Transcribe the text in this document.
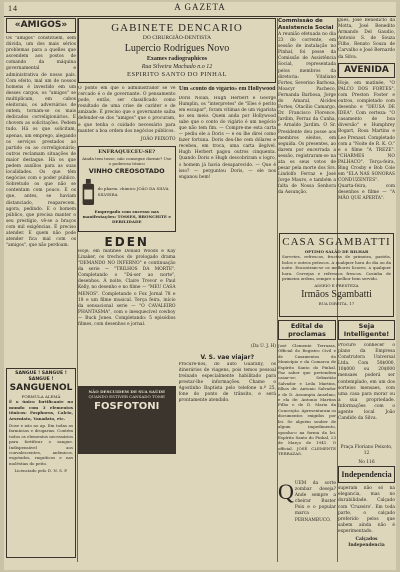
14	A GAZETA
«AMIGOS»

Os "amigos" constituem, sem dúvida, um dos mais sérios problemas para a quelles que ascendem aos postos de comando da máquina governamental e administrativa de nosso país. Com efeito, mal um de nossos homens é investido em um desses cargos, os "amigos" se multiplicam, em cabos eleitorais, os adversários de ontem, tornam-se os mais dedicados correligionários. E chovem as solicitações. Pedem tudo. Há os que solicitam, apenas, um emprego, alegando os serviços prestados ao partido ou ao correligionário; outros reclamam situações de maior destaque. Há os que pedem auxílios para as suas localidades. Os que têm negócios com o poder público. Sobretudo os que não se contentam com pouco. E os que, antes, se haviam distanciado, reaparecem, agora, pedindo. E o homem público, que precisa manter o seu prestígio, vê-se a braços com mil exigências. É preciso atender. E quem não pode atender fica mal com os "amigos", que não perdoam.

SANGUE ! SANGUE ! SANGUE !
SANGUENOL
FORMULA ALEMÃ

É o único fortificante no mundo com 3 elementos tônicos: Fosphoros, Calcio, Arseniato, Vanadato, etc.

Dose e não no ap. Em todas as farmácias e drogarias. Contém todos os elementos necessários para fortificar o sangue. Indispensável aos convalescentes, anêmicos, esgotados, raquíticos e nas moléstias do peito.

Licenciado pelo D. N. S. P.
GABINETE DENCARIO
DO CIRURGIÃO-DENTISTA
Lupercio Rodrigues Novo
Exames radiographicos
Rua Silveira Machado n.o 12
ESPIRITO SANTO DO PINHAL

O ponto em que o administrador se vê cercado é o de governante. O pensamento pode, então, ser classificado como resultado de uma crise de caráter e de amizade. É preciso que o governante saiba defender-se dos "amigos" que o procuram, e que tenha o cuidado necessário para manter a boa ordem dos negócios públicos.

JOÃO PEIXOTO
ENFRAQUECEU-SE?
Ainda tem tosse, não consegue dormir? Use o poderoso tónico
VINHO CREOSOTADO
do pharm. chimico JOÃO DA SILVA SILVEIRA
Empregado com sucesso nas manifestações: TOSSES, BRONCHITE e DEBILIDADE
EDEN

Hoje, em matinée Donald Woods e Kay Linaker, os trechos do prologado drama "DEMANDO NO INFERNO" e continuação da serie — "TRILHOS DA MORTE". Completando o "Dá-ser ao norte", desenhos. À noite, Claire Trevor e Paul Kelly, no desenho e no filme — "MEU CASA MENOS". Completando o Fox Jornal 78 e 18 e um filme musical. Terça feira, início da sensacional serie — "O CAVALEIRO PHANTASMA", com o inesquecível cowboy — Buck Jones. Completando: 5 episódios filmes, com desenhos e jornal.

NÃO DESCUIDEM DE SUA SAÚDE
QUANDO ESTIVER CANSADO TOME
FOSFOTONI
Um «conto do vigário» em Hollywood

Doris Nolan, Hugh Herbert e George Humplin, os "interpretes" de "Eles é perito em escapar", foram vítimas de um vigarista no seu meio. Quem anda por Hollywood sabe que o conto do vigário é um negócio que não tem fim. — Compre-me esta carta — pediu ele a Doris — e eu lhe direi como fazer fortuna. Doris deu-lhe cem dólares e recebeu, em troca, uma carta ilegível. Hugh Herbert pagou outros cinquenta. Quando Doris e Hugh descobriram o logro, o homem já havia desaparecido. — Que é isso? — perguntou Doris, — ele nos enganou bem!

(Da U. J. H)
V. S. vae viajar?

Procure-nos, do auto Guarany, os itinerários de viagens, pois temos pessoal treinado especialmente habilitado para prestar-lhe informações. Chame o Agostinho Baptista pelo telefone n.º 25, fone do ponto de trânsito, e será prontamente atendido.

Commissão de Assistencia Social

A reunião efetuada no dia 23 do corrente, em sessão de instalação no Pinhal, foi posse da Comissão de Assistência Social, representada pelos membros da diretoria: Vitaliano Fortes, Severino Barbosa, Moacyr Pacheco, Fernanda Barbosa, Jorge do Amaral, Alcides Fortes, Otacílio Camargo, Dr. Francisco Florence, Jardim, Ferraz da Cunha, e Arnaldo Jardim. O Sr. Presidente deu posse aos membros eleitos, em seguida. Os presentes, ao darem por encerrada a sessão, registraram-se na ata os seus votos de pesar pela morte dos Srs. Lindolfo Ferraz e José Jorge Mauro, e também a falta de Nossa Senhora da Assunção.

gues, José Benedicto da Motta, José Benedito Armando Del Gaudio, Antonio S. de Souza Filho, Renato Souza de Carvalho e José Bernardo da Silva.

AVENIDA

Hoje, em matinée, "O PALCO DOS FORTES", com Preston Foster e outros, completado com desenho e "DEUSA DE IDEA". Com certeza: "O casamento de boa diversão" e Humphrey Bogart, Rosa Martins e Leo Prenaut. Completado com a "Noite de R. K. O." e o filme "A TREZE". "CHARMES NO PALHACO". Terça-feira, Bing Crosby e Bob Cole em "ELA NAS SONORAS CONDUZENTES". Quarta-feira, com desenhos e filme — "A MÃO QUE APERTA".

CASA SGAMBATTI
OPTIMO SALÃO DE BILHAR

Sorvetes, refrescos, fructas de primeira, pastéis, bolos e outros petiscos. A qualquer hora do dia ou da noite. Encontram-se os melhores licores, a qualquer hora. Cervejas e refrescos frescos. Cosinha de primeira ordem, sempre o melhor bem servido.

ASSEIO E PRESTEZA
Irmãos Sgambatti
RUA DIREITA, 17
Edital de proclamas

José Clemente Terrazas, Official do Registro Civil e de Casamentos do Município e da Comarca de Espírito Santo do Pinhal. Faz saber que pretendem casar-se: Sebastião Salvador e Leila Martins, filhos de: Antonio Salvador e de D. Assumpta Anselmo; e ela de: Antonio Martins Filho e de D. Maria da Conceição. Apresentaram os documentos exigidos por lei. Se alguém souber de algum impedimento, oponha-o na forma da lei. Espírito Santo do Pinhal, 23 de Março de 1941. O official, JOSÉ CLEMENTE TERRAZAS.

Q UEM da sorte zombar deseja? Ande sempre a cheirar Buster Poix e o popular marca PERNAMBUCO.

Seja Intelligente!

Procure conhecer o plano da Empresa Construtora Universal Ltda. Com 50$000, 10$000 ou 20$000 mensaes poderá ser contemplado, em um dos sorteios mensaes, com uma casa para morar ou a sua propriedade. Informações com o agente local João Candido da Silva.

Praça Floriano Peixoto, 12
No 116
Independencia

superam não só na elegancia, mas no durabilidade. Calçado com 'Cruzeiro'. Em toda parte, o calçado preferido pelos que sabem ainda não é experimentado.

Calçados Independencia
